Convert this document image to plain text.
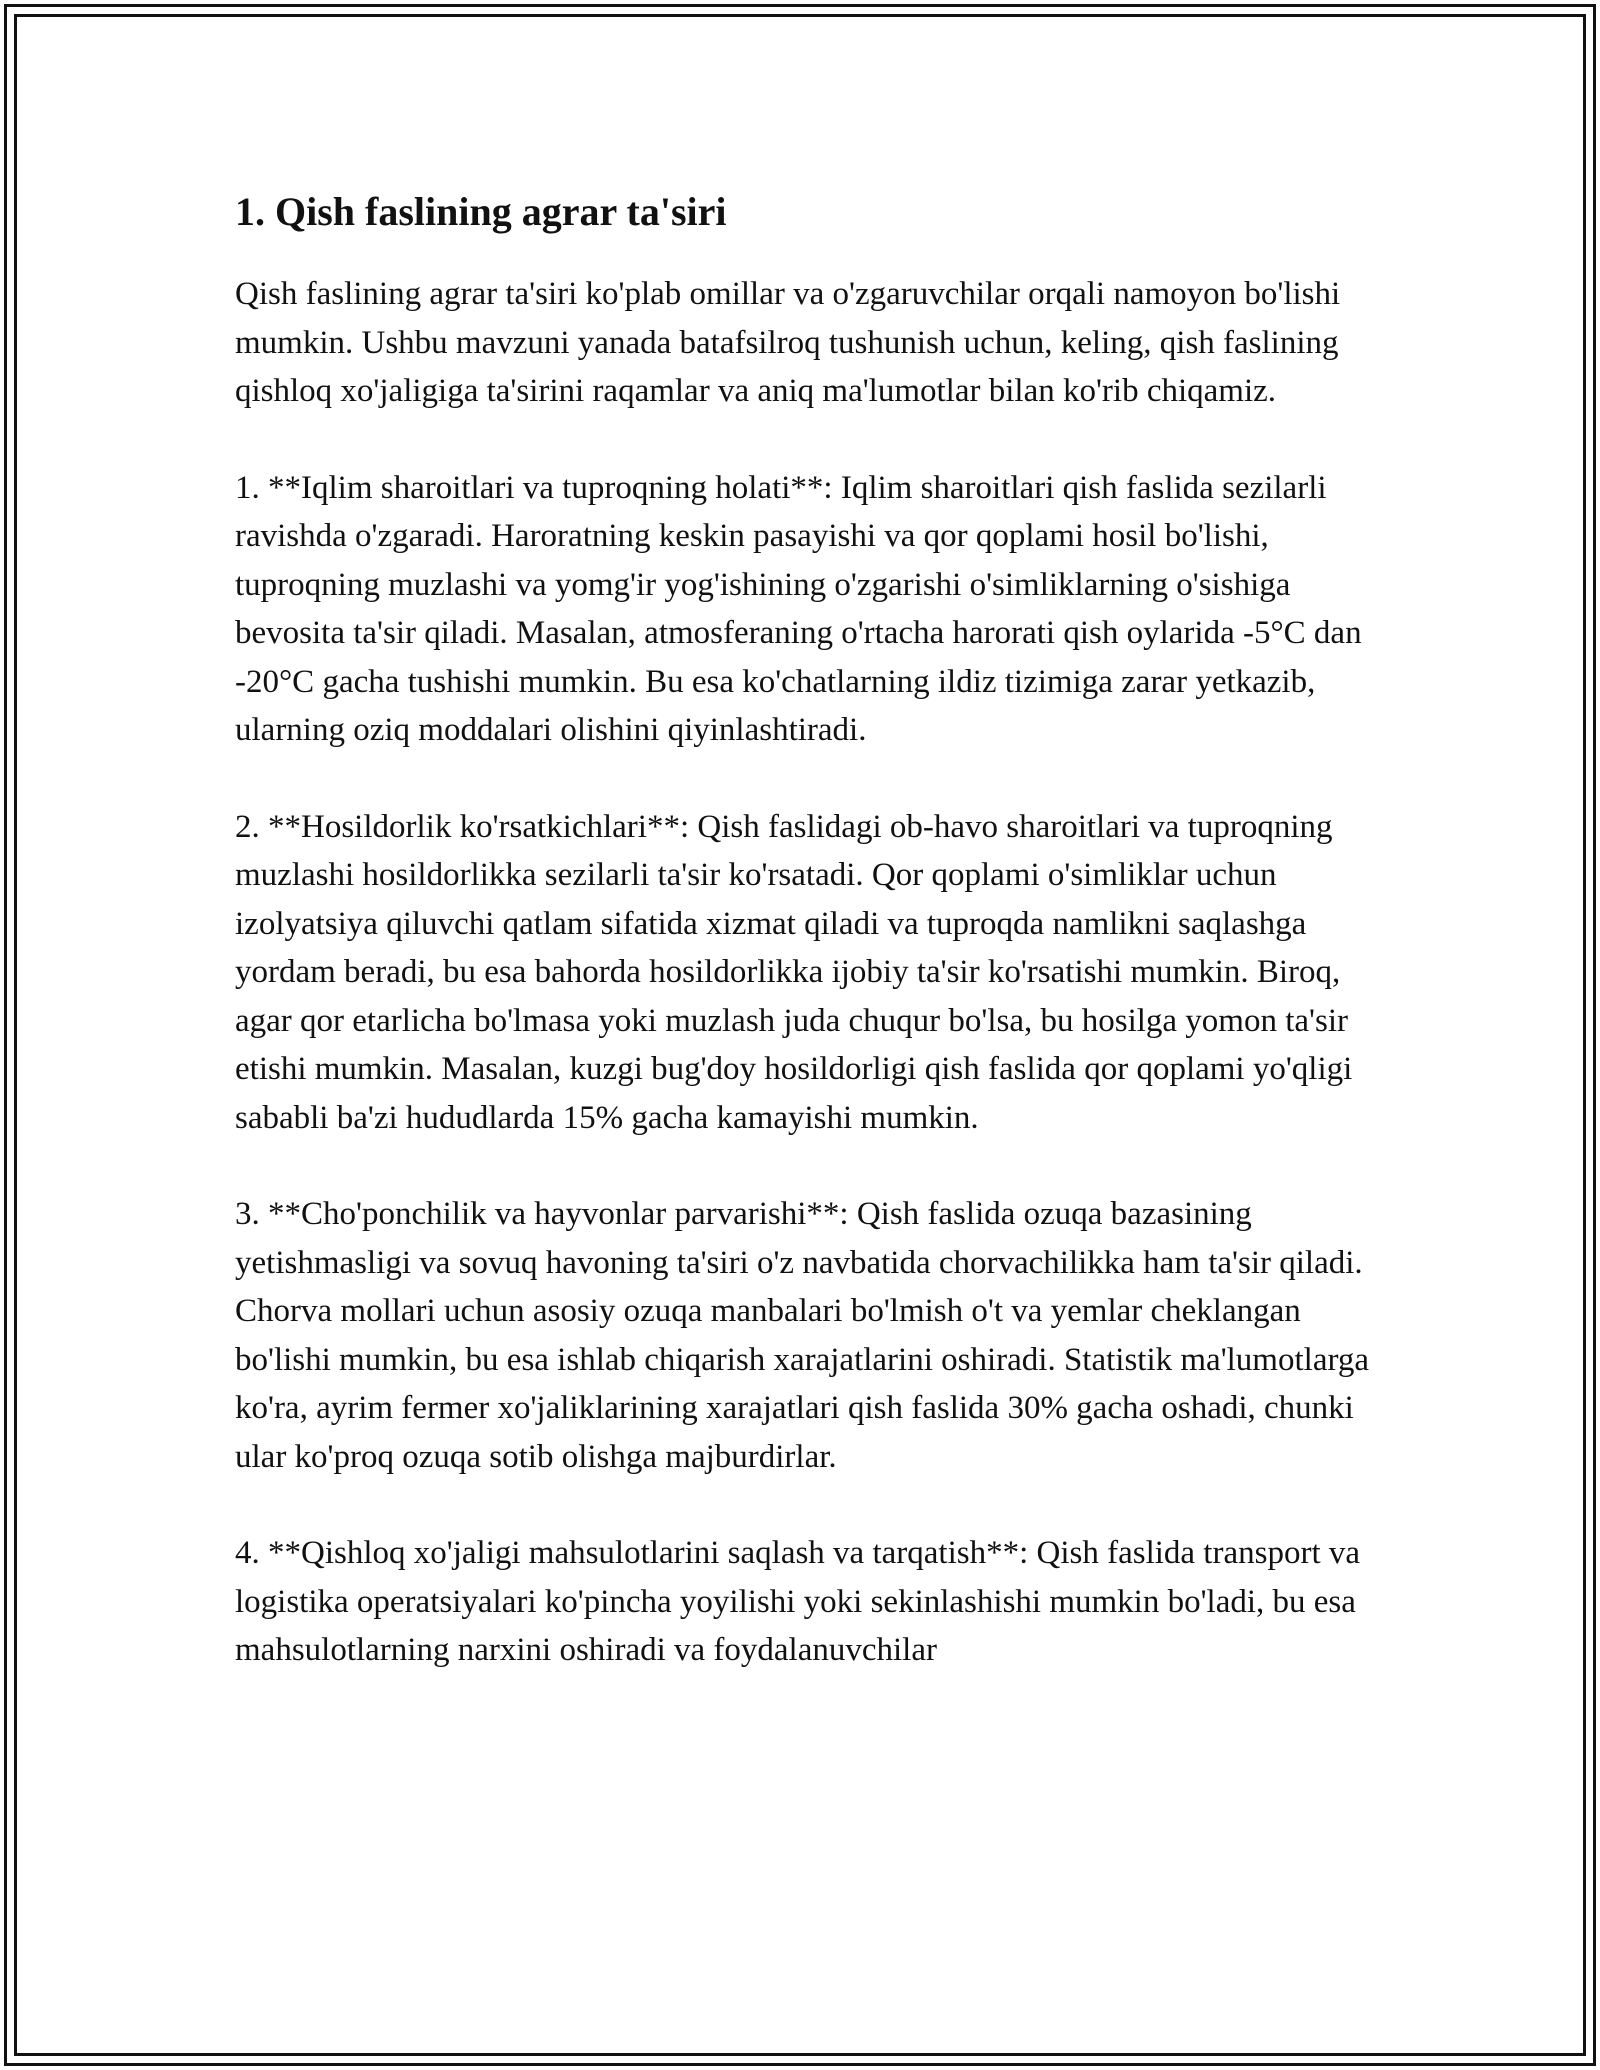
1. Qish faslining agrar ta'siri

Qish faslining agrar ta'siri ko'plab omillar va o'zgaruvchilar orqali namoyon bo'lishi mumkin. Ushbu mavzuni yanada batafsilroq tushunish uchun, keling, qish faslining qishloq xo'jaligiga ta'sirini raqamlar va aniq ma'lumotlar bilan ko'rib chiqamiz.

1. **Iqlim sharoitlari va tuproqning holati**: Iqlim sharoitlari qish faslida sezilarli ravishda o'zgaradi. Haroratning keskin pasayishi va qor qoplami hosil bo'lishi, tuproqning muzlashi va yomg'ir yog'ishining o'zgarishi o'simliklarning o'sishiga bevosita ta'sir qiladi. Masalan, atmosferaning o'rtacha harorati qish oylarida -5°C dan -20°C gacha tushishi mumkin. Bu esa ko'chatlarning ildiz tizimiga zarar yetkazib, ularning oziq moddalari olishini qiyinlashtiradi.

2. **Hosildorlik ko'rsatkichlari**: Qish faslidagi ob-havo sharoitlari va tuproqning muzlashi hosildorlikka sezilarli ta'sir ko'rsatadi. Qor qoplami o'simliklar uchun izolyatsiya qiluvchi qatlam sifatida xizmat qiladi va tuproqda namlikni saqlashga yordam beradi, bu esa bahorda hosildorlikka ijobiy ta'sir ko'rsatishi mumkin. Biroq, agar qor etarlicha bo'lmasa yoki muzlash juda chuqur bo'lsa, bu hosilga yomon ta'sir etishi mumkin. Masalan, kuzgi bug'doy hosildorligi qish faslida qor qoplami yo'qligi sababli ba'zi hududlarda 15% gacha kamayishi mumkin.

3. **Cho'ponchilik va hayvonlar parvarishi**: Qish faslida ozuqa bazasining yetishmasligi va sovuq havoning ta'siri o'z navbatida chorvachilikka ham ta'sir qiladi. Chorva mollari uchun asosiy ozuqa manbalari bo'lmish o't va yemlar cheklangan bo'lishi mumkin, bu esa ishlab chiqarish xarajatlarini oshiradi. Statistik ma'lumotlarga ko'ra, ayrim fermer xo'jaliklarining xarajatlari qish faslida 30% gacha oshadi, chunki ular ko'proq ozuqa sotib olishga majburdirlar.

4. **Qishloq xo'jaligi mahsulotlarini saqlash va tarqatish**: Qish faslida transport va logistika operatsiyalari ko'pincha yoyilishi yoki sekinlashishi mumkin bo'ladi, bu esa mahsulotlarning narxini oshiradi va foydalanuvchilar
